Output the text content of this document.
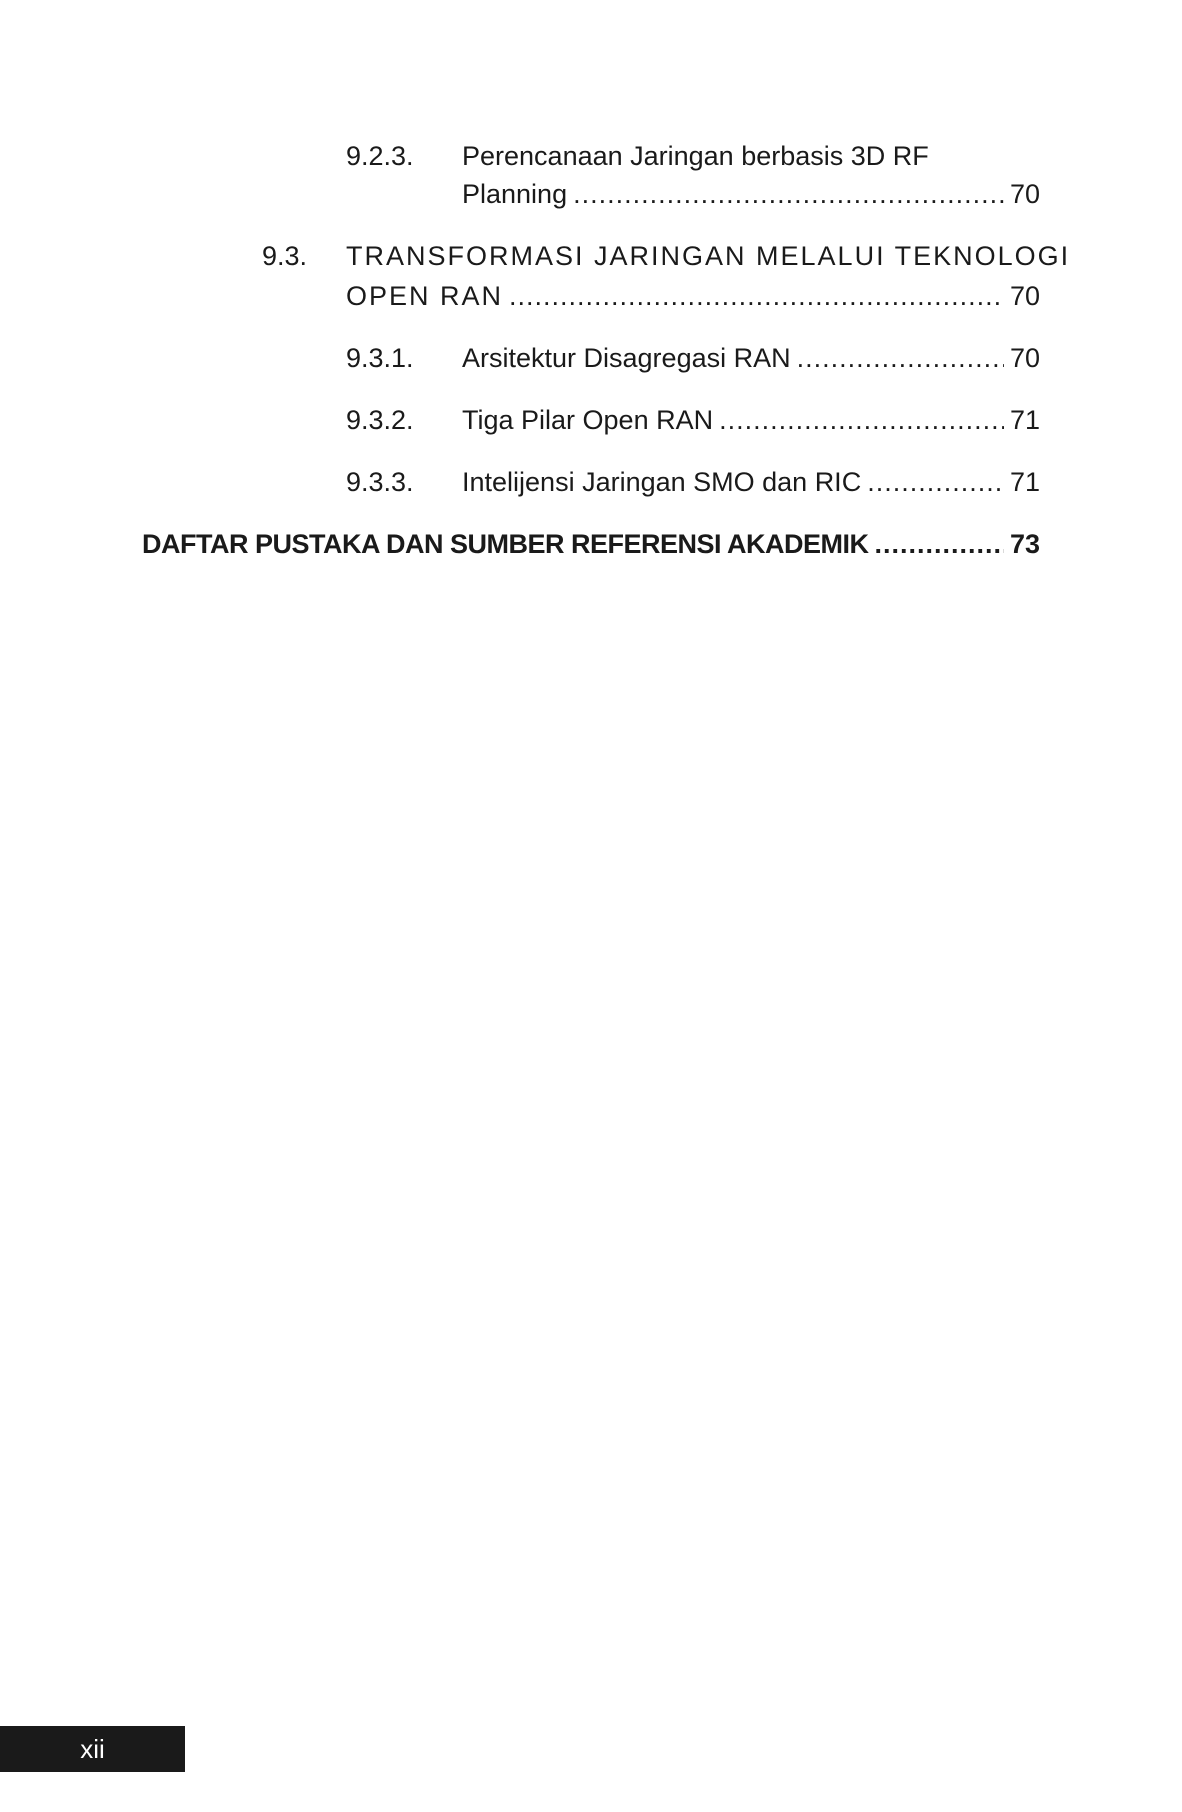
9.2.3. Perencanaan Jaringan berbasis 3D RF
Planning .....	70
9.3. TRANSFORMASI JARINGAN MELALUI TEKNOLOGI
OPEN RAN .....	70
9.3.1. Arsitektur Disagregasi RAN .....	70
9.3.2. Tiga Pilar Open RAN .....	71
9.3.3. Intelijensi Jaringan SMO dan RIC .....	71
DAFTAR PUSTAKA DAN SUMBER REFERENSI AKADEMIK .....	73
xii
